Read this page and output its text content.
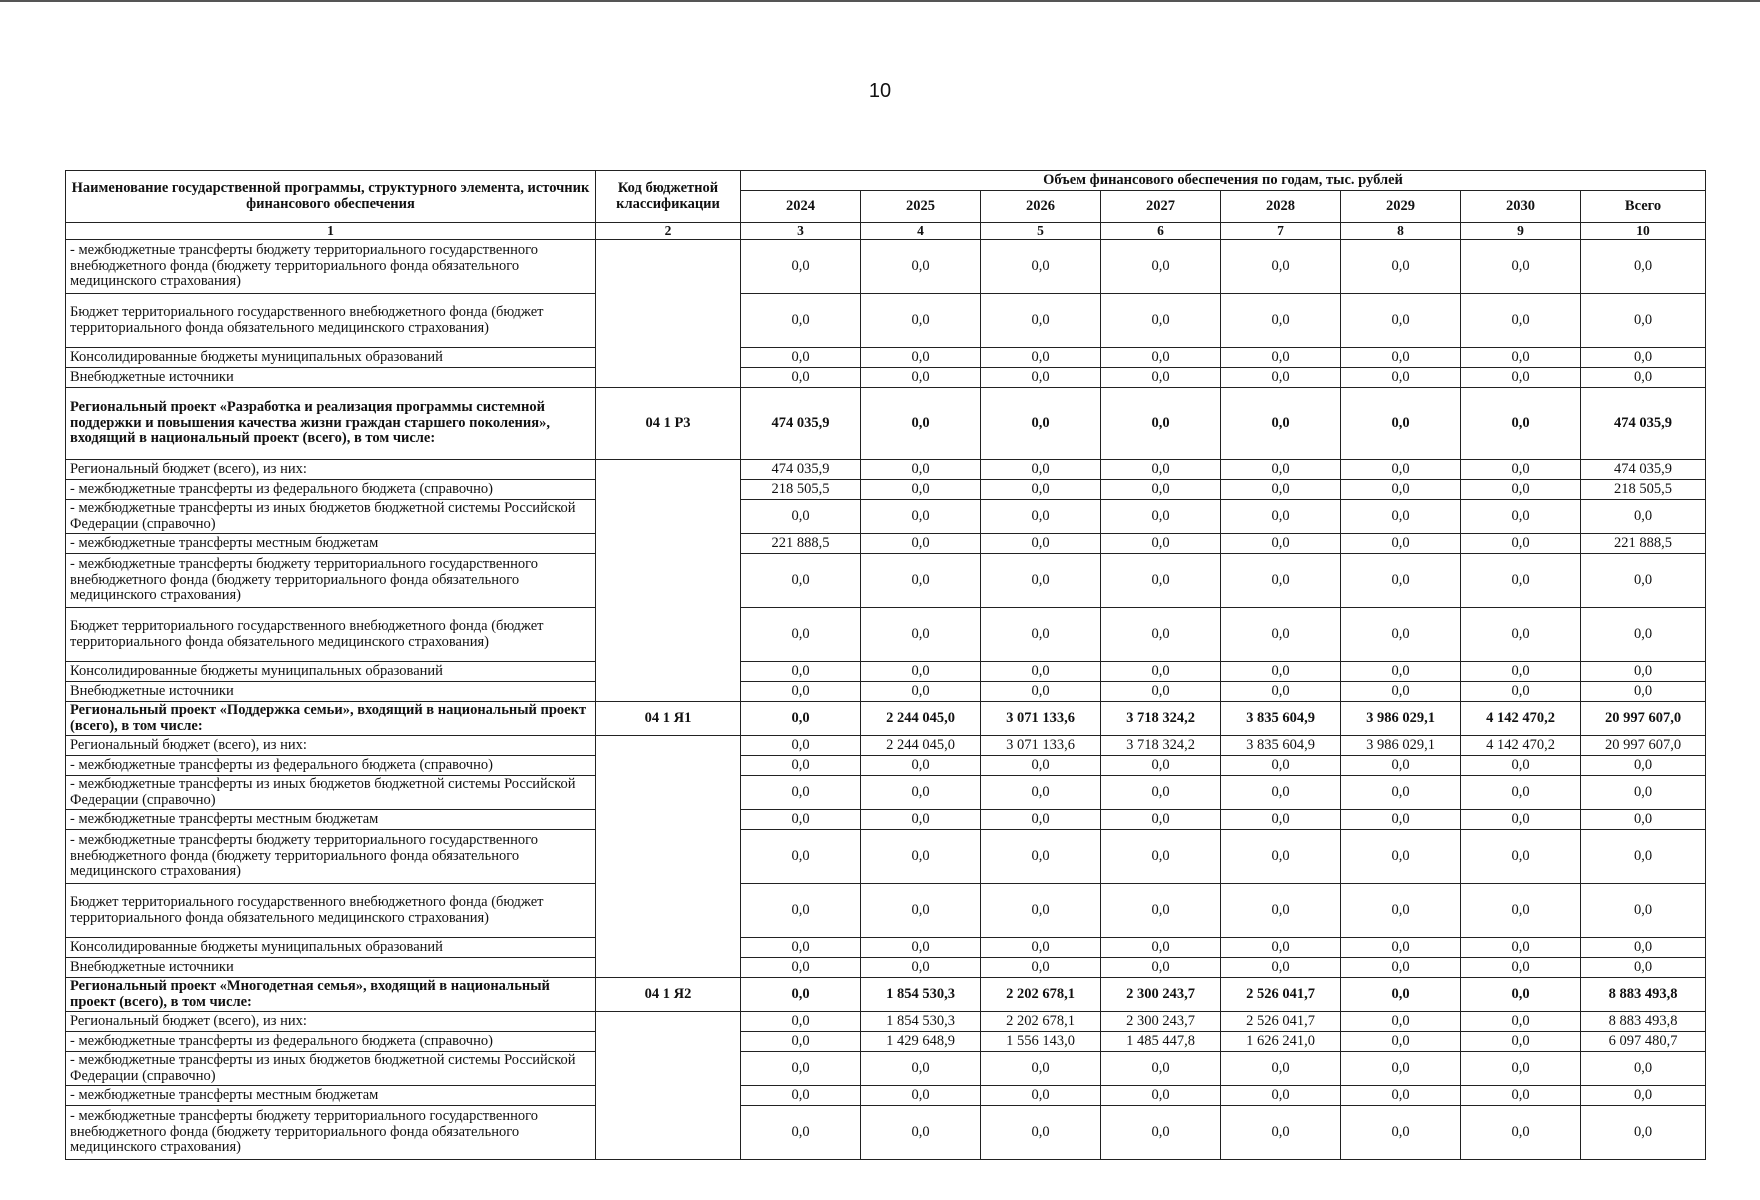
10
Наименование государственной программы, структурного элемента, источник финансового обеспечения	Код бюджетной классификации	Объем финансового обеспечения по годам, тыс. рублей							
		2024	2025	2026	2027	2028	2029	2030	Всего
1	2	3	4	5	6	7	8	9	10
- межбюджетные трансферты бюджету территориального государственного внебюджетного фонда (бюджету территориального фонда обязательного медицинского страхования)		0,0	0,0	0,0	0,0	0,0	0,0	0,0	0,0
Бюджет территориального государственного внебюджетного фонда (бюджет территориального фонда обязательного медицинского страхования)		0,0	0,0	0,0	0,0	0,0	0,0	0,0	0,0
Консолидированные бюджеты муниципальных образований		0,0	0,0	0,0	0,0	0,0	0,0	0,0	0,0
Внебюджетные источники		0,0	0,0	0,0	0,0	0,0	0,0	0,0	0,0
Региональный проект «Разработка и реализация программы системной поддержки и повышения качества жизни граждан старшего поколения», входящий в национальный проект (всего), в том числе:	04 1 Р3	474 035,9	0,0	0,0	0,0	0,0	0,0	0,0	474 035,9
Региональный бюджет (всего), из них:		474 035,9	0,0	0,0	0,0	0,0	0,0	0,0	474 035,9
- межбюджетные трансферты из федерального бюджета (справочно)		218 505,5	0,0	0,0	0,0	0,0	0,0	0,0	218 505,5
- межбюджетные трансферты из иных бюджетов бюджетной системы Российской Федерации (справочно)		0,0	0,0	0,0	0,0	0,0	0,0	0,0	0,0
- межбюджетные трансферты местным бюджетам		221 888,5	0,0	0,0	0,0	0,0	0,0	0,0	221 888,5
- межбюджетные трансферты бюджету территориального государственного внебюджетного фонда (бюджету территориального фонда обязательного медицинского страхования)		0,0	0,0	0,0	0,0	0,0	0,0	0,0	0,0
Бюджет территориального государственного внебюджетного фонда (бюджет территориального фонда обязательного медицинского страхования)		0,0	0,0	0,0	0,0	0,0	0,0	0,0	0,0
Консолидированные бюджеты муниципальных образований		0,0	0,0	0,0	0,0	0,0	0,0	0,0	0,0
Внебюджетные источники		0,0	0,0	0,0	0,0	0,0	0,0	0,0	0,0
Региональный проект «Поддержка семьи», входящий в национальный проект (всего), в том числе:	04 1 Я1	0,0	2 244 045,0	3 071 133,6	3 718 324,2	3 835 604,9	3 986 029,1	4 142 470,2	20 997 607,0
Региональный бюджет (всего), из них:		0,0	2 244 045,0	3 071 133,6	3 718 324,2	3 835 604,9	3 986 029,1	4 142 470,2	20 997 607,0
- межбюджетные трансферты из федерального бюджета (справочно)		0,0	0,0	0,0	0,0	0,0	0,0	0,0	0,0
- межбюджетные трансферты из иных бюджетов бюджетной системы Российской Федерации (справочно)		0,0	0,0	0,0	0,0	0,0	0,0	0,0	0,0
- межбюджетные трансферты местным бюджетам		0,0	0,0	0,0	0,0	0,0	0,0	0,0	0,0
- межбюджетные трансферты бюджету территориального государственного внебюджетного фонда (бюджету территориального фонда обязательного медицинского страхования)		0,0	0,0	0,0	0,0	0,0	0,0	0,0	0,0
Бюджет территориального государственного внебюджетного фонда (бюджет территориального фонда обязательного медицинского страхования)		0,0	0,0	0,0	0,0	0,0	0,0	0,0	0,0
Консолидированные бюджеты муниципальных образований		0,0	0,0	0,0	0,0	0,0	0,0	0,0	0,0
Внебюджетные источники		0,0	0,0	0,0	0,0	0,0	0,0	0,0	0,0
Региональный проект «Многодетная семья», входящий в национальный проект (всего), в том числе:	04 1 Я2	0,0	1 854 530,3	2 202 678,1	2 300 243,7	2 526 041,7	0,0	0,0	8 883 493,8
Региональный бюджет (всего), из них:		0,0	1 854 530,3	2 202 678,1	2 300 243,7	2 526 041,7	0,0	0,0	8 883 493,8
- межбюджетные трансферты из федерального бюджета (справочно)		0,0	1 429 648,9	1 556 143,0	1 485 447,8	1 626 241,0	0,0	0,0	6 097 480,7
- межбюджетные трансферты из иных бюджетов бюджетной системы Российской Федерации (справочно)		0,0	0,0	0,0	0,0	0,0	0,0	0,0	0,0
- межбюджетные трансферты местным бюджетам		0,0	0,0	0,0	0,0	0,0	0,0	0,0	0,0
- межбюджетные трансферты бюджету территориального государственного внебюджетного фонда (бюджету территориального фонда обязательного медицинского страхования)		0,0	0,0	0,0	0,0	0,0	0,0	0,0	0,0
